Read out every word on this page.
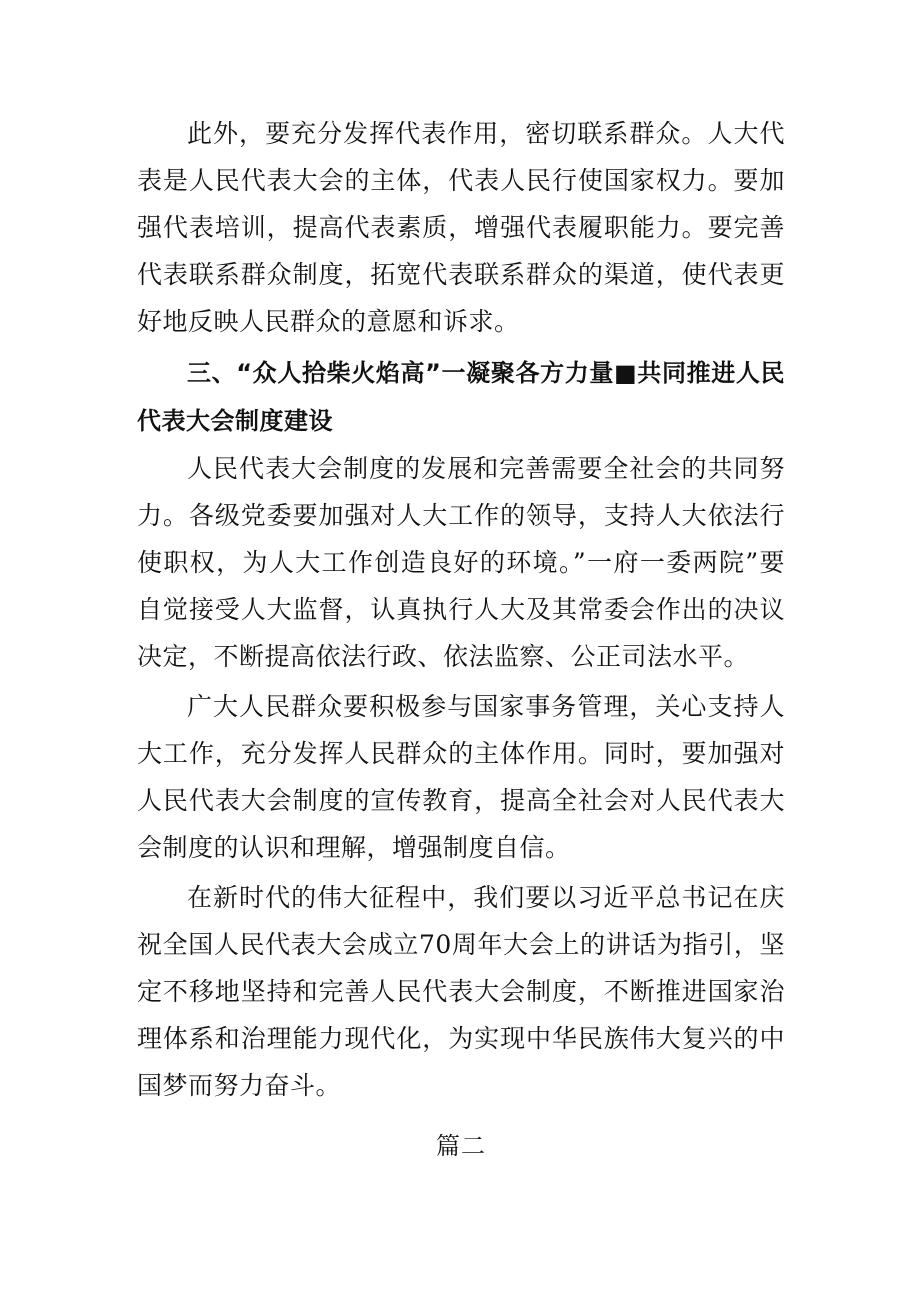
此外，要充分发挥代表作用，密切联系群众。人大代表是人民代表大会的主体，代表人民行使国家权力。要加强代表培训，提高代表素质，增强代表履职能力。要完善代表联系群众制度，拓宽代表联系群众的渠道，使代表更好地反映人民群众的意愿和诉求。

三、“众人拾柴火焰高”一凝聚各方力量■共同推进人民代表大会制度建设

人民代表大会制度的发展和完善需要全社会的共同努力。各级党委要加强对人大工作的领导，支持人大依法行使职权，为人大工作创造良好的环境。”一府一委两院”要自觉接受人大监督，认真执行人大及其常委会作出的决议决定，不断提高依法行政、依法监察、公正司法水平。

广大人民群众要积极参与国家事务管理，关心支持人大工作，充分发挥人民群众的主体作用。同时，要加强对人民代表大会制度的宣传教育，提高全社会对人民代表大会制度的认识和理解，增强制度自信。

在新时代的伟大征程中，我们要以习近平总书记在庆祝全国人民代表大会成立70周年大会上的讲话为指引，坚定不移地坚持和完善人民代表大会制度，不断推进国家治理体系和治理能力现代化，为实现中华民族伟大复兴的中国梦而努力奋斗。

篇二
